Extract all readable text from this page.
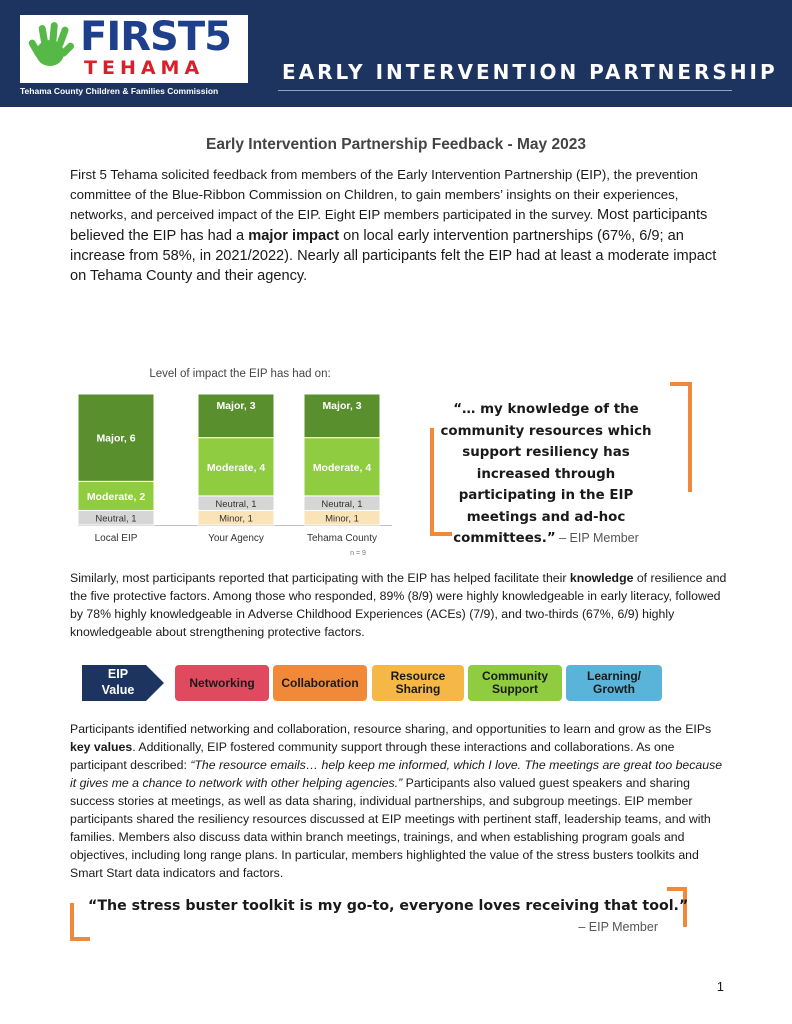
FIRST5
TEHAMA
Tehama County Children & Families Commission
EARLY INTERVENTION PARTNERSHIP
Early Intervention Partnership Feedback - May 2023

First 5 Tehama solicited feedback from members of the Early Intervention Partnership (EIP), the prevention committee of the Blue-Ribbon Commission on Children, to gain members’ insights on their experiences, networks, and perceived impact of the EIP. Eight EIP members participated in the survey. Most participants believed the EIP has had a major impact on local early intervention partnerships (67%, 6/9; an increase from 58%, in 2021/2022). Nearly all participants felt the EIP had at least a moderate impact on Tehama County and their agency.

Level of impact the EIP has had on:
Neutral, 1
Moderate, 2
Major, 6
Local EIP
Minor, 1
Neutral, 1
Moderate, 4
Major, 3
Your Agency
Minor, 1
Neutral, 1
Moderate, 4
Major, 3
Tehama County
n = 9

“… my knowledge of the community resources which support resiliency has increased through participating in the EIP meetings and ad-hoc committees.” – EIP Member

Similarly, most participants reported that participating with the EIP has helped facilitate their knowledge of resilience and the five protective factors. Among those who responded, 89% (8/9) were highly knowledgeable in early literacy, followed by 78% highly knowledgeable in Adverse Childhood Experiences (ACEs) (7/9), and two-thirds (67%, 6/9) highly knowledgeable about strengthening protective factors.

EIP Value
Networking	Collaboration	Resource Sharing
Community Support
Learning/ Growth

Participants identified networking and collaboration, resource sharing, and opportunities to learn and grow as the EIPs key values. Additionally, EIP fostered community support through these interactions and collaborations. As one participant described: “The resource emails… help keep me informed, which I love. The meetings are great too because it gives me a chance to network with other helping agencies.” Participants also valued guest speakers and sharing success stories at meetings, as well as data sharing, individual partnerships, and subgroup meetings. EIP member participants shared the resiliency resources discussed at EIP meetings with pertinent staff, leadership teams, and with families. Members also discuss data within branch meetings, trainings, and when establishing program goals and objectives, including long range plans. In particular, members highlighted the value of the stress busters toolkits and Smart Start data indicators and factors.

“The stress buster toolkit is my go-to, everyone loves receiving that tool.”
– EIP Member
1
